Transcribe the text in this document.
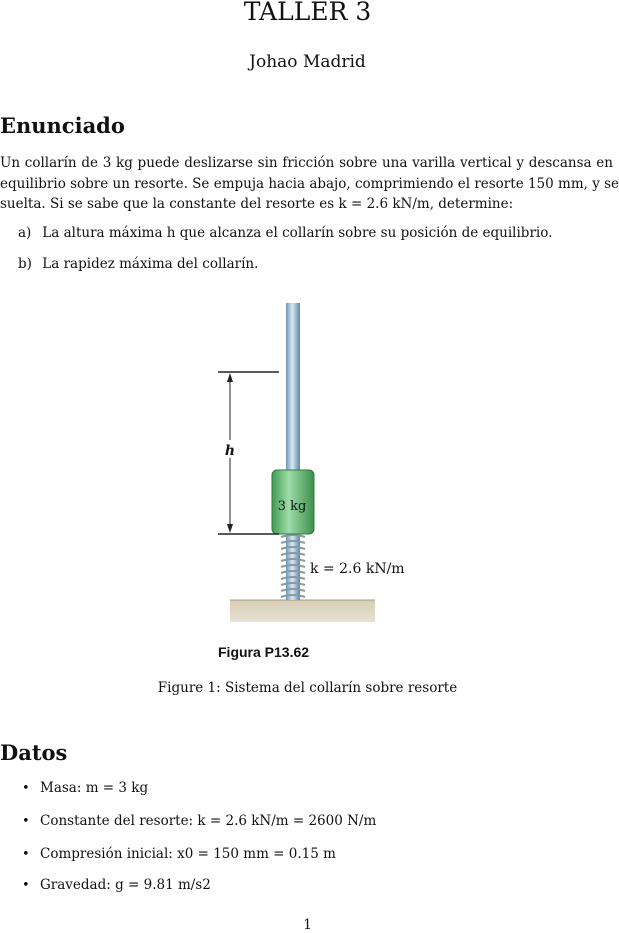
TALLER 3
Johao Madrid
Enunciado
Un collarín de 3 kg puede deslizarse sin fricción sobre una varilla vertical y descansa en
equilibrio sobre un resorte. Se empuja hacia abajo, comprimiendo el resorte 150 mm, y se
suelta. Si se sabe que la constante del resorte es k = 2.6 kN/m, determine:
a) La altura máxima h que alcanza el collarín sobre su posición de equilibrio.
b) La rapidez máxima del collarín.
3 kg
h
k = 2.6 kN/m
Figura P13.62
Figure 1: Sistema del collarín sobre resorte
Datos
• Masa: m = 3 kg
• Constante del resorte: k = 2.6 kN/m = 2600 N/m
• Compresión inicial: x0 = 150 mm = 0.15 m
• Gravedad: g = 9.81 m/s2
1
